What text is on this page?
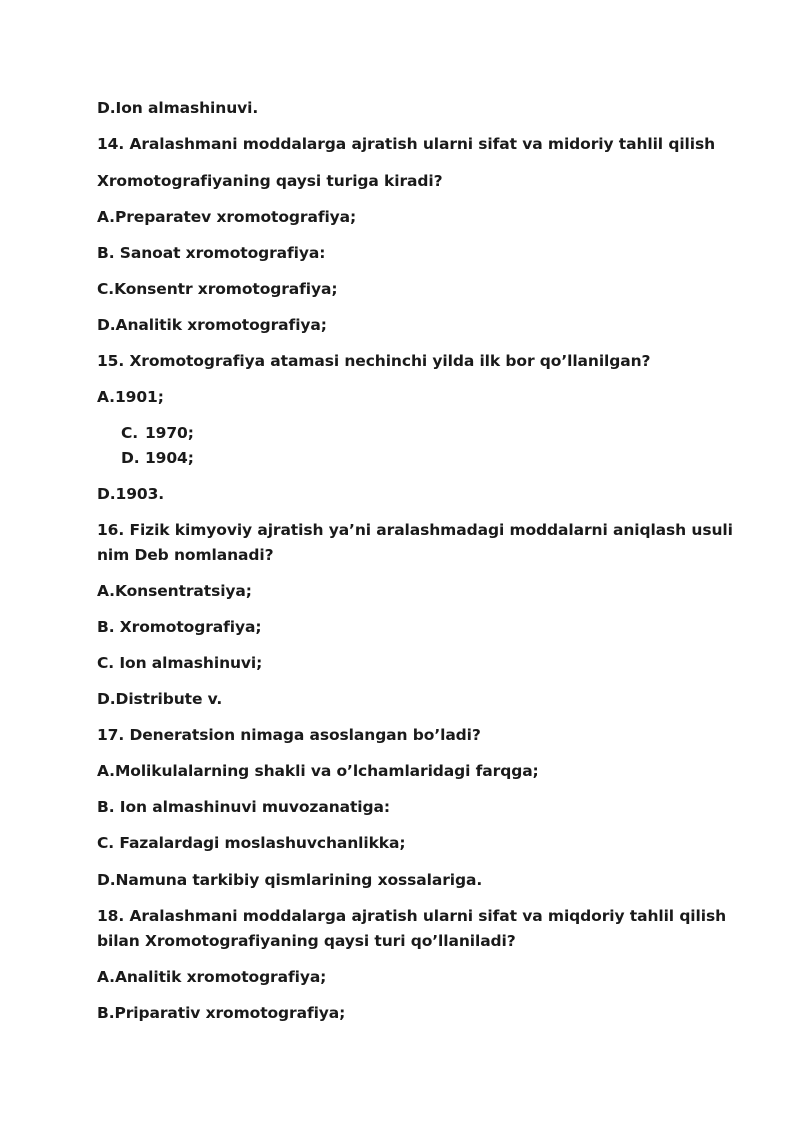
D.Ion almashinuvi.
14. Aralashmani moddalarga ajratish ularni sifat va midoriy tahlil qilish
Xromotografiyaning qaysi turiga kiradi?
A.Preparatev xromotografiya;
B. Sanoat xromotografiya:
C.Konsentr xromotografiya;
D.Analitik xromotografiya;
15. Xromotografiya atamasi nechinchi yilda ilk bor qo’llanilgan?
A.1901;
C. 1970;
D. 1904;
D.1903.
16. Fizik kimyoviy ajratish ya’ni aralashmadagi moddalarni aniqlash usuli
nim Deb nomlanadi?
A.Konsentratsiya;
B. Xromotografiya;
C. Ion almashinuvi;
D.Distribute v.
17. Deneratsion nimaga asoslangan bo’ladi?
A.Molikulalarning shakli va o’lchamlaridagi farqga;
B. Ion almashinuvi muvozanatiga:
C. Fazalardagi moslashuvchanlikka;
D.Namuna tarkibiy qismlarining xossalariga.
18. Aralashmani moddalarga ajratish ularni sifat va miqdoriy tahlil qilish
bilan Xromotografiyaning qaysi turi qo’llaniladi?
A.Analitik xromotografiya;
B.Priparativ xromotografiya;
